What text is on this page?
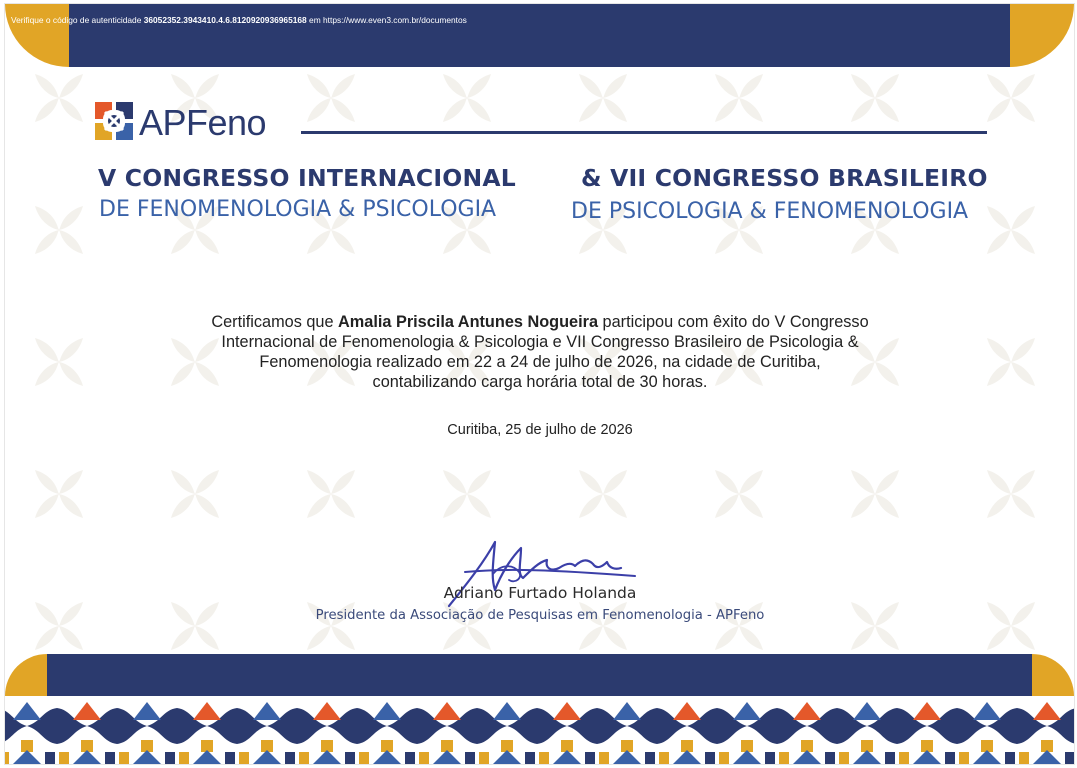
Verifique o código de autenticidade 36052352.3943410.4.6.8120920936965168 em https://www.even3.com.br/documentos
APFeno
V CONGRESSO INTERNACIONAL
DE FENOMENOLOGIA & PSICOLOGIA
& VII CONGRESSO BRASILEIRO
DE PSICOLOGIA & FENOMENOLOGIA
Certificamos que Amalia Priscila Antunes Nogueira participou com êxito do V Congresso
Internacional de Fenomenologia & Psicologia e VII Congresso Brasileiro de Psicologia &
Fenomenologia realizado em 22 a 24 de julho de 2026, na cidade de Curitiba,
contabilizando carga horária total de 30 horas.
Curitiba, 25 de julho de 2026
Adriano Furtado Holanda
Presidente da Associação de Pesquisas em Fenomenologia - APFeno
